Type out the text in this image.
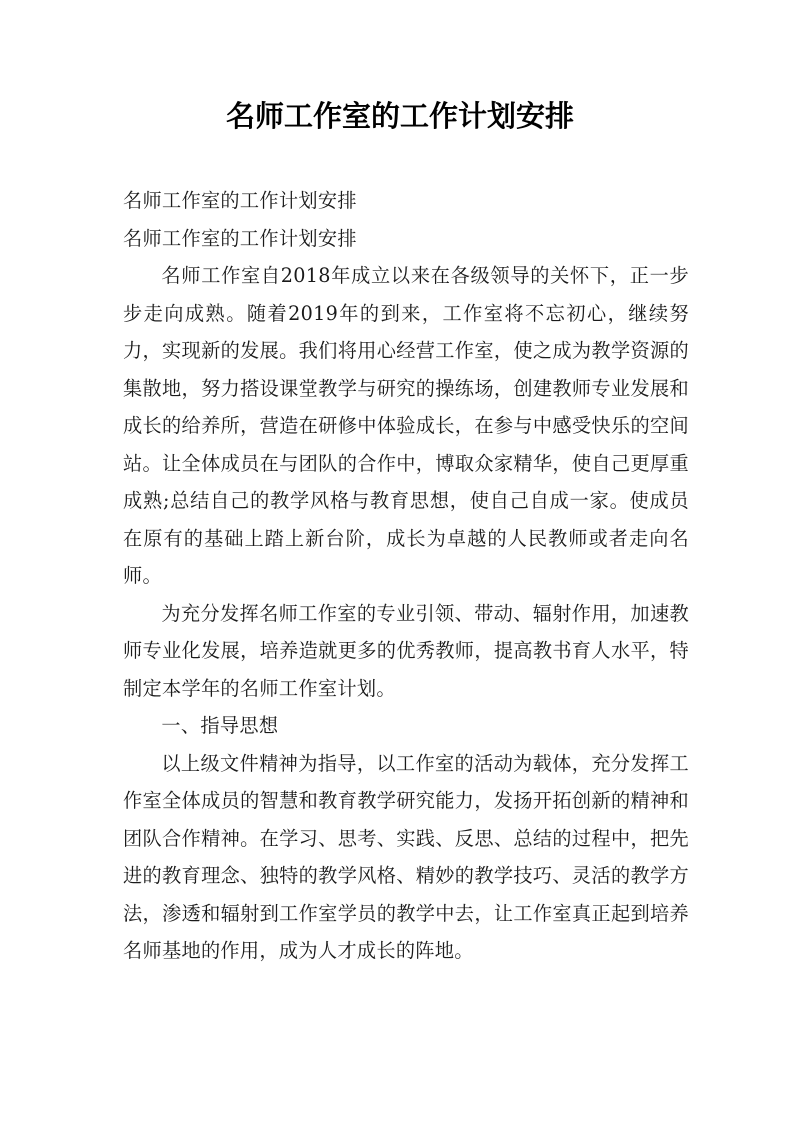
名师工作室的工作计划安排

名师工作室的工作计划安排

名师工作室的工作计划安排

名师工作室自2018年成立以来在各级领导的关怀下，正一步步走向成熟。随着2019年的到来，工作室将不忘初心，继续努力，实现新的发展。我们将用心经营工作室，使之成为教学资源的集散地，努力搭设课堂教学与研究的操练场，创建教师专业发展和成长的给养所，营造在研修中体验成长，在参与中感受快乐的空间站。让全体成员在与团队的合作中，博取众家精华，使自己更厚重成熟;总结自己的教学风格与教育思想，使自己自成一家。使成员在原有的基础上踏上新台阶，成长为卓越的人民教师或者走向名师。

为充分发挥名师工作室的专业引领、带动、辐射作用，加速教师专业化发展，培养造就更多的优秀教师，提高教书育人水平，特制定本学年的名师工作室计划。

一、指导思想

以上级文件精神为指导，以工作室的活动为载体，充分发挥工作室全体成员的智慧和教育教学研究能力，发扬开拓创新的精神和团队合作精神。在学习、思考、实践、反思、总结的过程中，把先进的教育理念、独特的教学风格、精妙的教学技巧、灵活的教学方法，渗透和辐射到工作室学员的教学中去，让工作室真正起到培养名师基地的作用，成为人才成长的阵地。
